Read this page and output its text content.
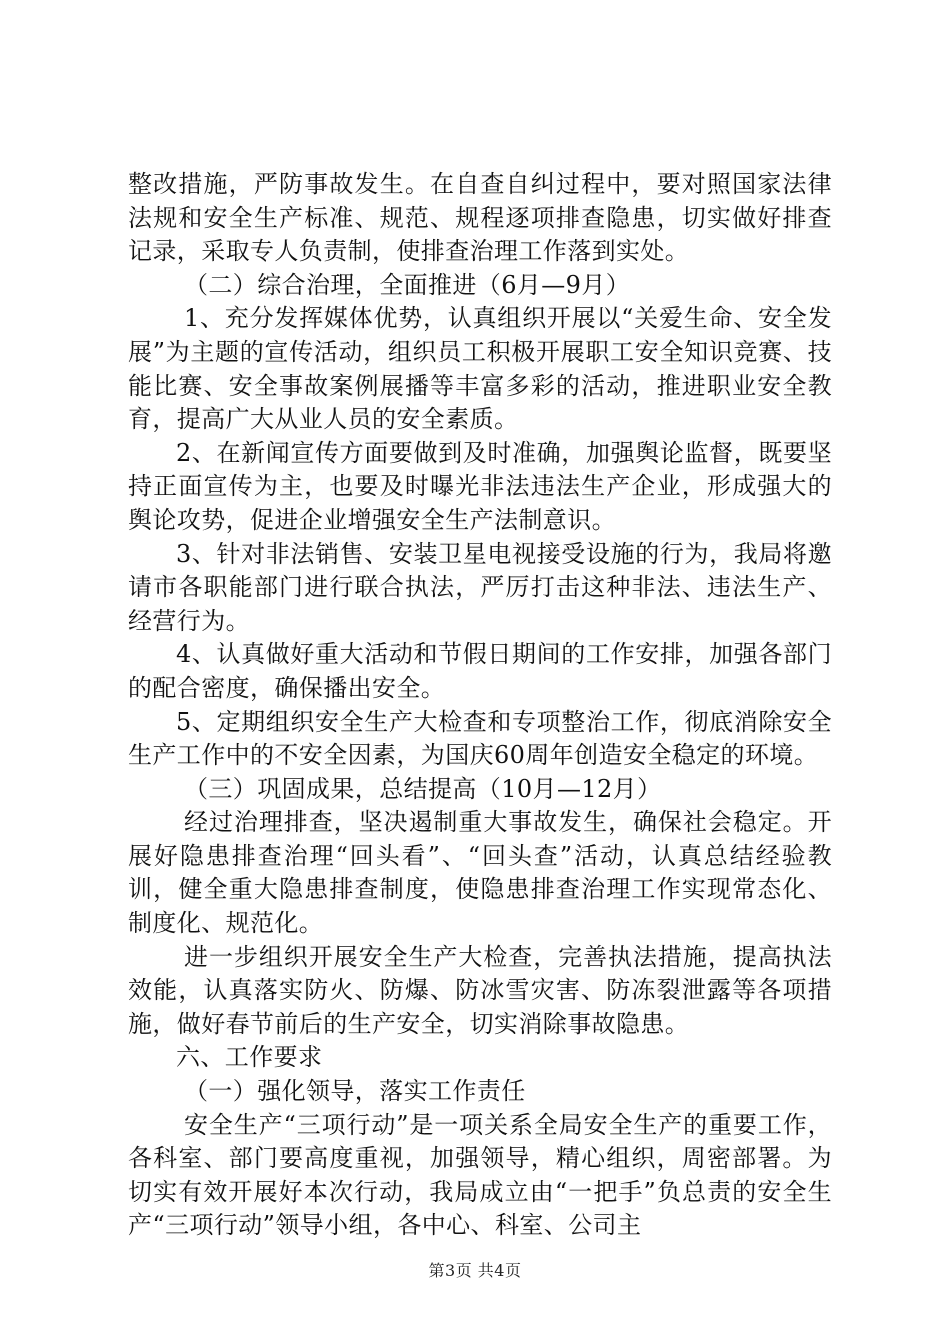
整改措施，严防事故发生。在自查自纠过程中，要对照国家法律法规和安全生产标准、规范、规程逐项排查隐患，切实做好排查记录，采取专人负责制，使排查治理工作落到实处。

（二）综合治理，全面推进（6月—9月）

1、充分发挥媒体优势，认真组织开展以“关爱生命、安全发展”为主题的宣传活动，组织员工积极开展职工安全知识竞赛、技能比赛、安全事故案例展播等丰富多彩的活动，推进职业安全教育，提高广大从业人员的安全素质。

2、在新闻宣传方面要做到及时准确，加强舆论监督，既要坚持正面宣传为主，也要及时曝光非法违法生产企业，形成强大的舆论攻势，促进企业增强安全生产法制意识。

3、针对非法销售、安装卫星电视接受设施的行为，我局将邀请市各职能部门进行联合执法，严厉打击这种非法、违法生产、经营行为。

4、认真做好重大活动和节假日期间的工作安排，加强各部门的配合密度，确保播出安全。

5、定期组织安全生产大检查和专项整治工作，彻底消除安全生产工作中的不安全因素，为国庆60周年创造安全稳定的环境。

（三）巩固成果，总结提高（10月—12月）

经过治理排查，坚决遏制重大事故发生，确保社会稳定。开展好隐患排查治理“回头看”、“回头查”活动，认真总结经验教训，健全重大隐患排查制度，使隐患排查治理工作实现常态化、制度化、规范化。

进一步组织开展安全生产大检查，完善执法措施，提高执法效能，认真落实防火、防爆、防冰雪灾害、防冻裂泄露等各项措施，做好春节前后的生产安全，切实消除事故隐患。

六、工作要求

（一）强化领导，落实工作责任

安全生产“三项行动”是一项关系全局安全生产的重要工作，各科室、部门要高度重视，加强领导，精心组织，周密部署。为切实有效开展好本次行动，我局成立由“一把手”负总责的安全生产“三项行动”领导小组，各中心、科室、公司主

第3页 共4页
